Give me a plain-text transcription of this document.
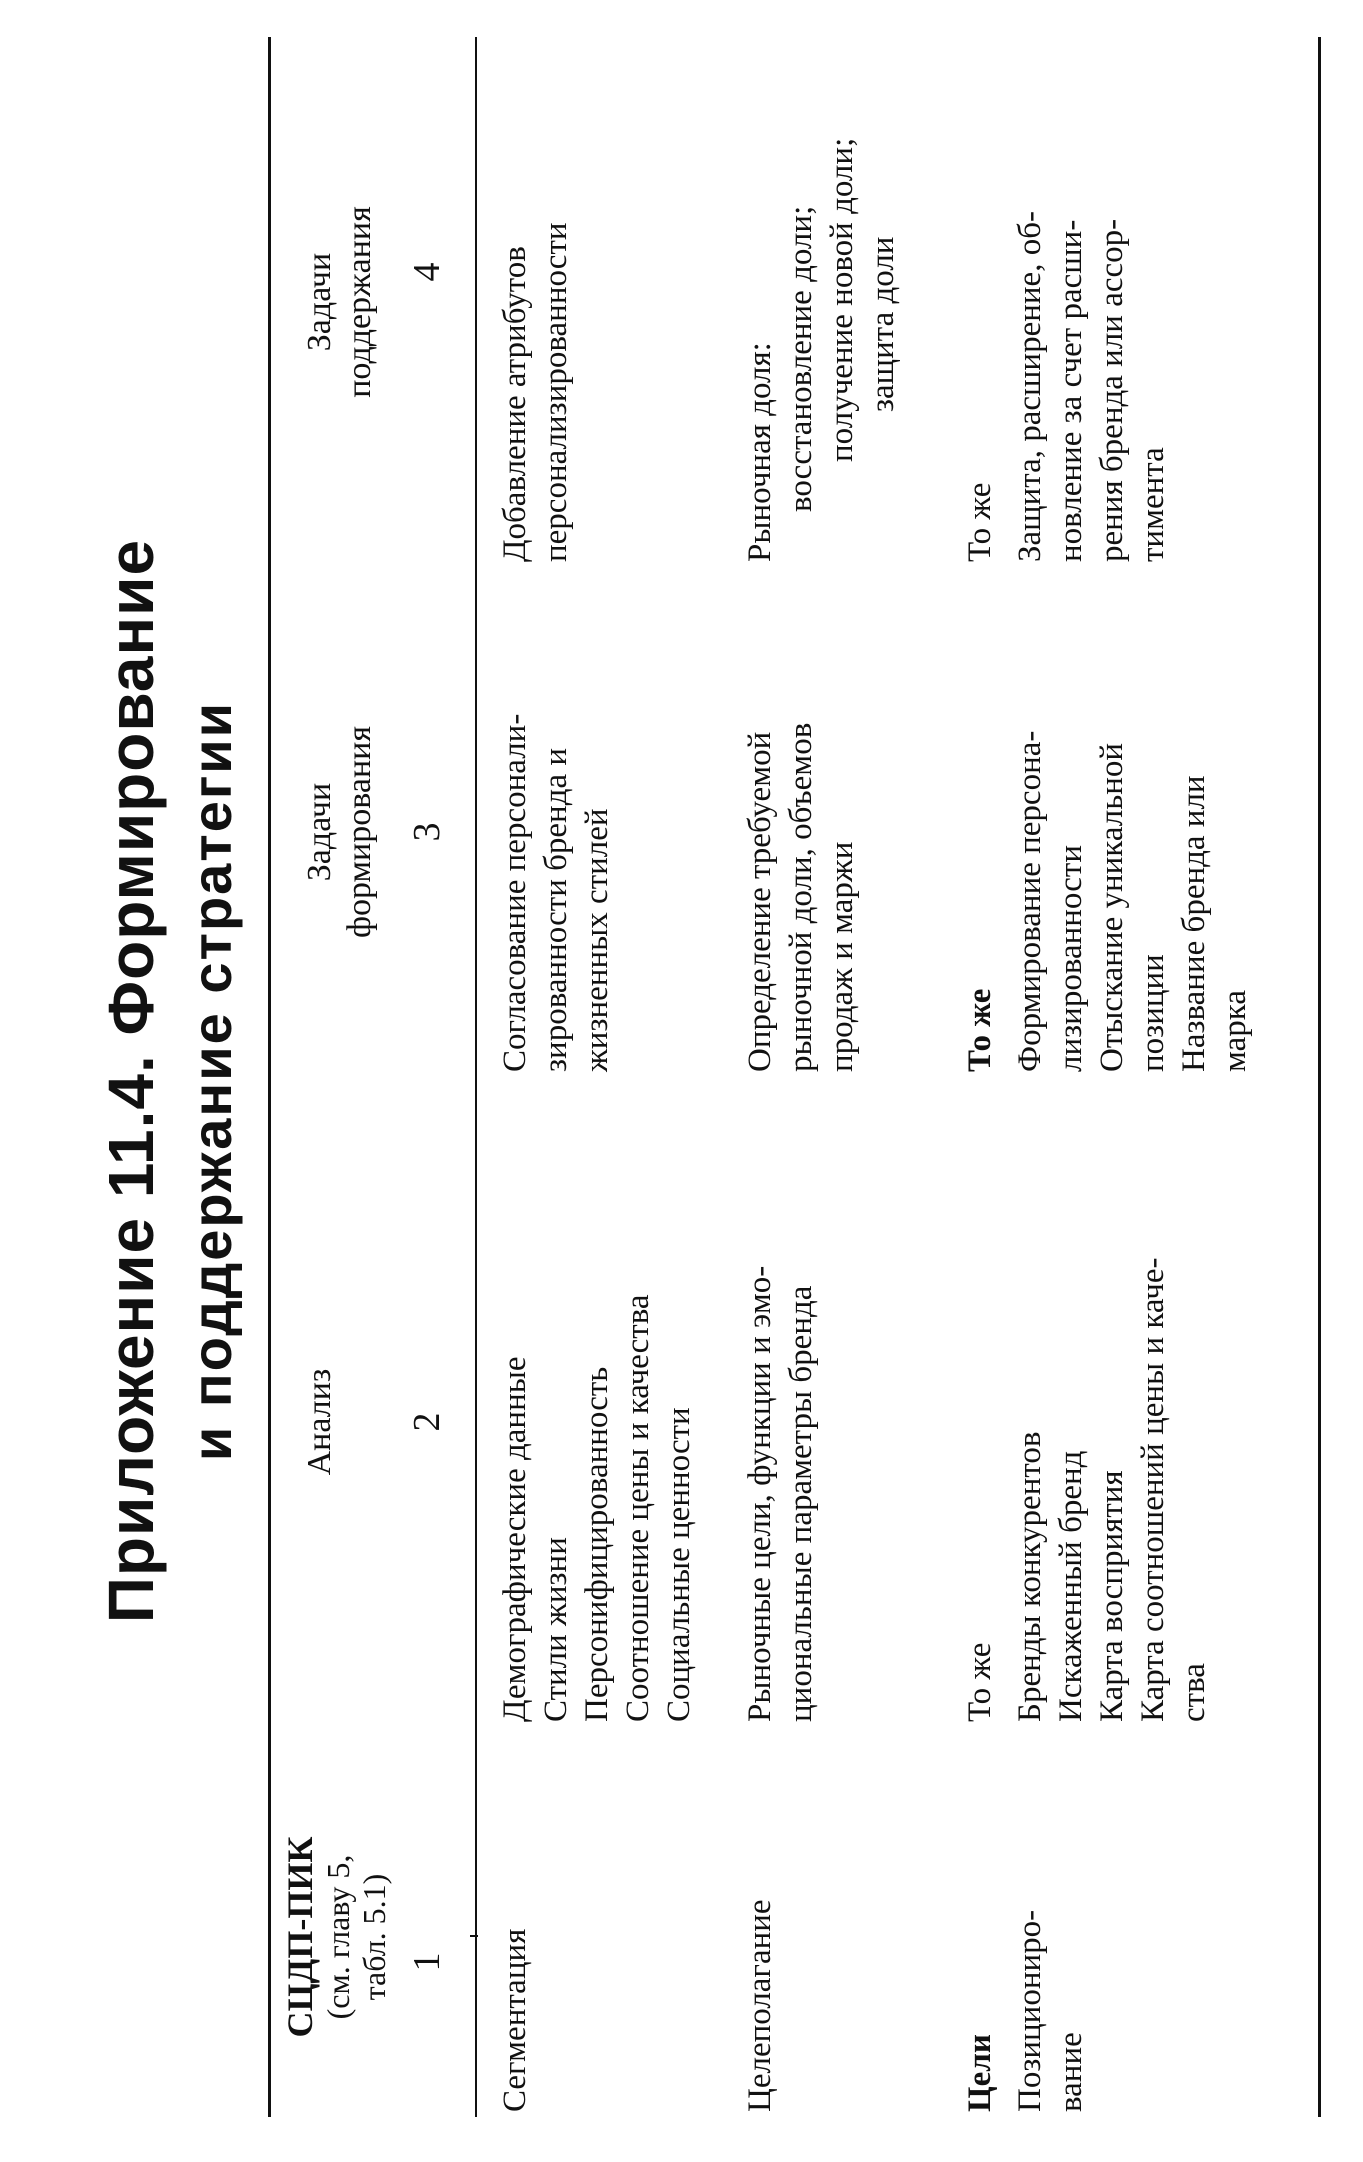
Приложение 11.4. Формирование и поддержание стратегии
СЦДП-ПИК (см. главу 5, табл. 5.1)
Анализ
Задачи формирования
Задачи поддержания
1
2
3
4
Сегментация
Демографические данные Стили жизни Персонифицированность Соотношение цены и качества Социальные ценности
Согласование персонали- зированности бренда и жизненных стилей
Добавление атрибутов персонализированности
Целеполагание
Рыночные цели, функции и эмо- циональные параметры бренда
Определение требуемой рыночной доли, объемов продаж и маржи
Рыночная доля: восстановление доли; получение новой доли; защита доли
Цели
То же
То же
То же
Позициониро- вание
Бренды конкурентов Искаженный бренд Карта восприятия Карта соотношений цены и каче- ства
Формирование персона- лизированности Отыскание уникальной позиции Название бренда или марка
Защита, расширение, об- новление за счет расши- рения бренда или ассор- тимента
